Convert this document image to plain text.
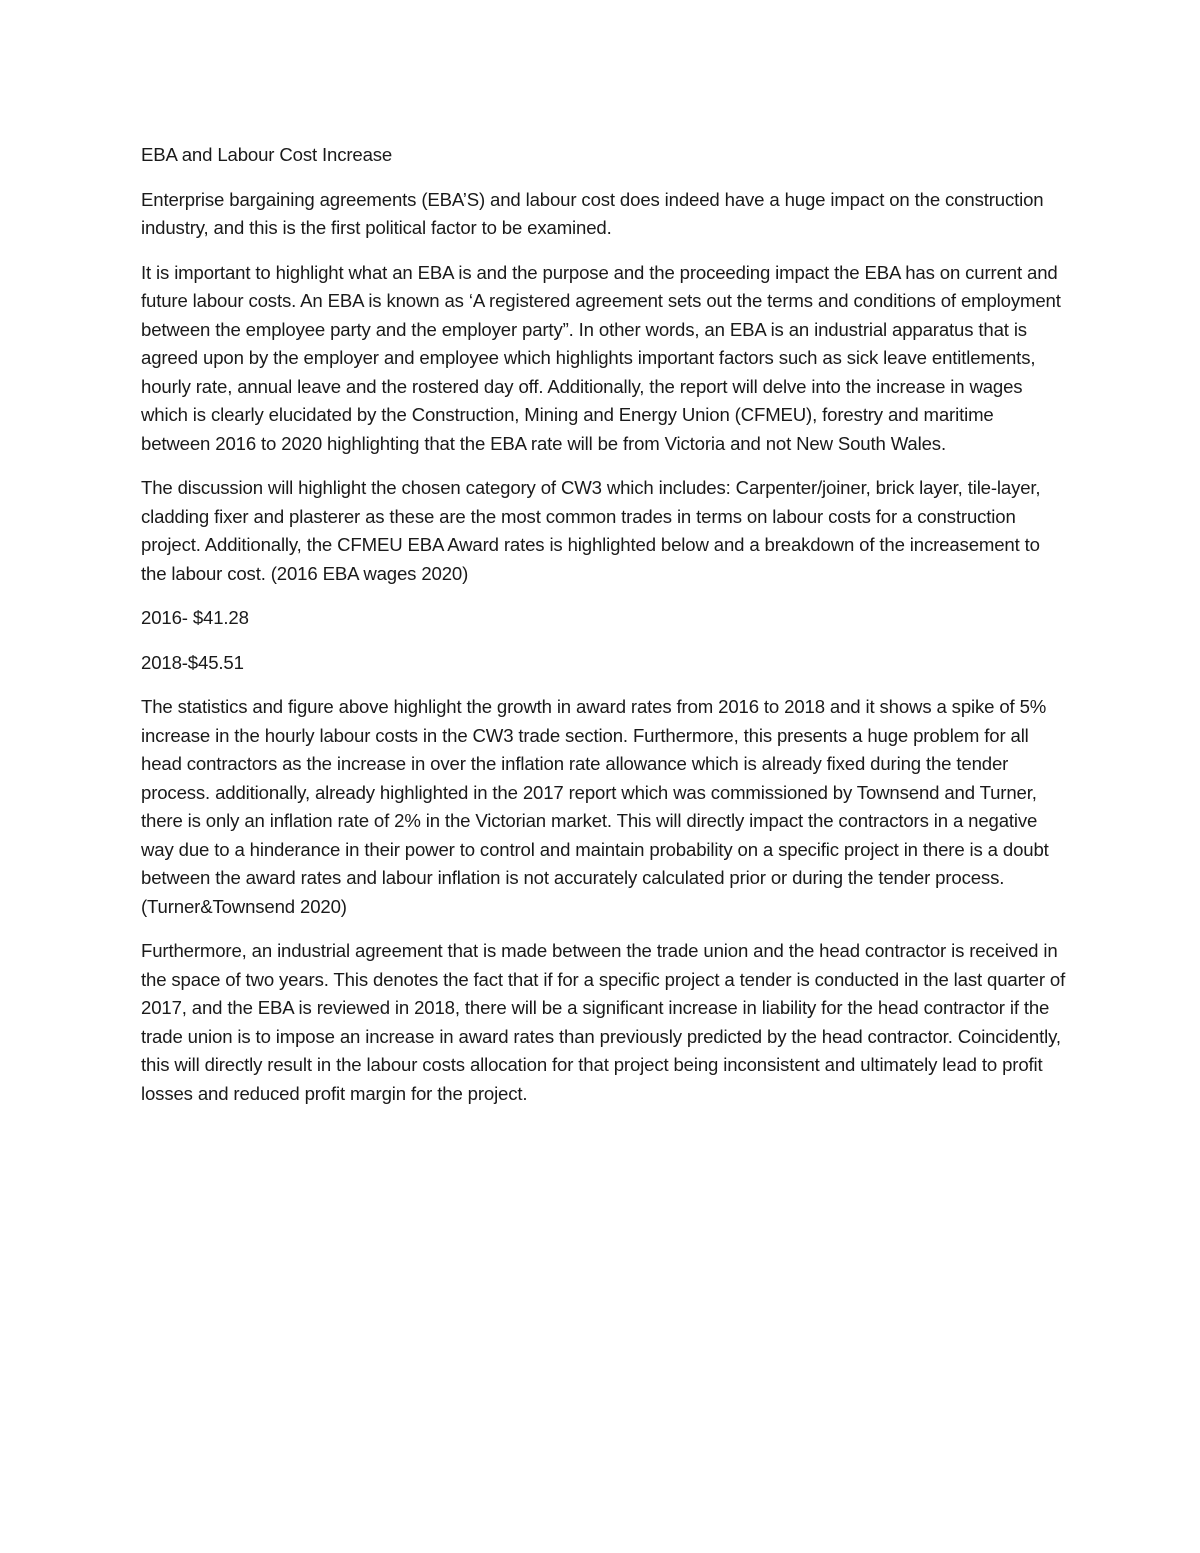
EBA and Labour Cost Increase

Enterprise bargaining agreements (EBA’S) and labour cost does indeed have a huge impact on the construction industry, and this is the first political factor to be examined.

It is important to highlight what an EBA is and the purpose and the proceeding impact the EBA has on current and future labour costs. An EBA is known as ‘A registered agreement sets out the terms and conditions of employment between the employee party and the employer party”. In other words, an EBA is an industrial apparatus that is agreed upon by the employer and employee which highlights important factors such as sick leave entitlements, hourly rate, annual leave and the rostered day off. Additionally, the report will delve into the increase in wages which is clearly elucidated by the Construction, Mining and Energy Union (CFMEU), forestry and maritime between 2016 to 2020 highlighting that the EBA rate will be from Victoria and not New South Wales.

The discussion will highlight the chosen category of CW3 which includes: Carpenter/joiner, brick layer, tile-layer, cladding fixer and plasterer as these are the most common trades in terms on labour costs for a construction project. Additionally, the CFMEU EBA Award rates is highlighted below and a breakdown of the increasement to the labour cost. (2016 EBA wages 2020)

2016- $41.28

2018-$45.51

The statistics and figure above highlight the growth in award rates from 2016 to 2018 and it shows a spike of 5% increase in the hourly labour costs in the CW3 trade section. Furthermore, this presents a huge problem for all head contractors as the increase in over the inflation rate allowance which is already fixed during the tender process. additionally, already highlighted in the 2017 report which was commissioned by Townsend and Turner, there is only an inflation rate of 2% in the Victorian market. This will directly impact the contractors in a negative way due to a hinderance in their power to control and maintain probability on a specific project in there is a doubt between the award rates and labour inflation is not accurately calculated prior or during the tender process. (Turner&Townsend 2020)

Furthermore, an industrial agreement that is made between the trade union and the head contractor is received in the space of two years. This denotes the fact that if for a specific project a tender is conducted in the last quarter of 2017, and the EBA is reviewed in 2018, there will be a significant increase in liability for the head contractor if the trade union is to impose an increase in award rates than previously predicted by the head contractor. Coincidently, this will directly result in the labour costs allocation for that project being inconsistent and ultimately lead to profit losses and reduced profit margin for the project.
